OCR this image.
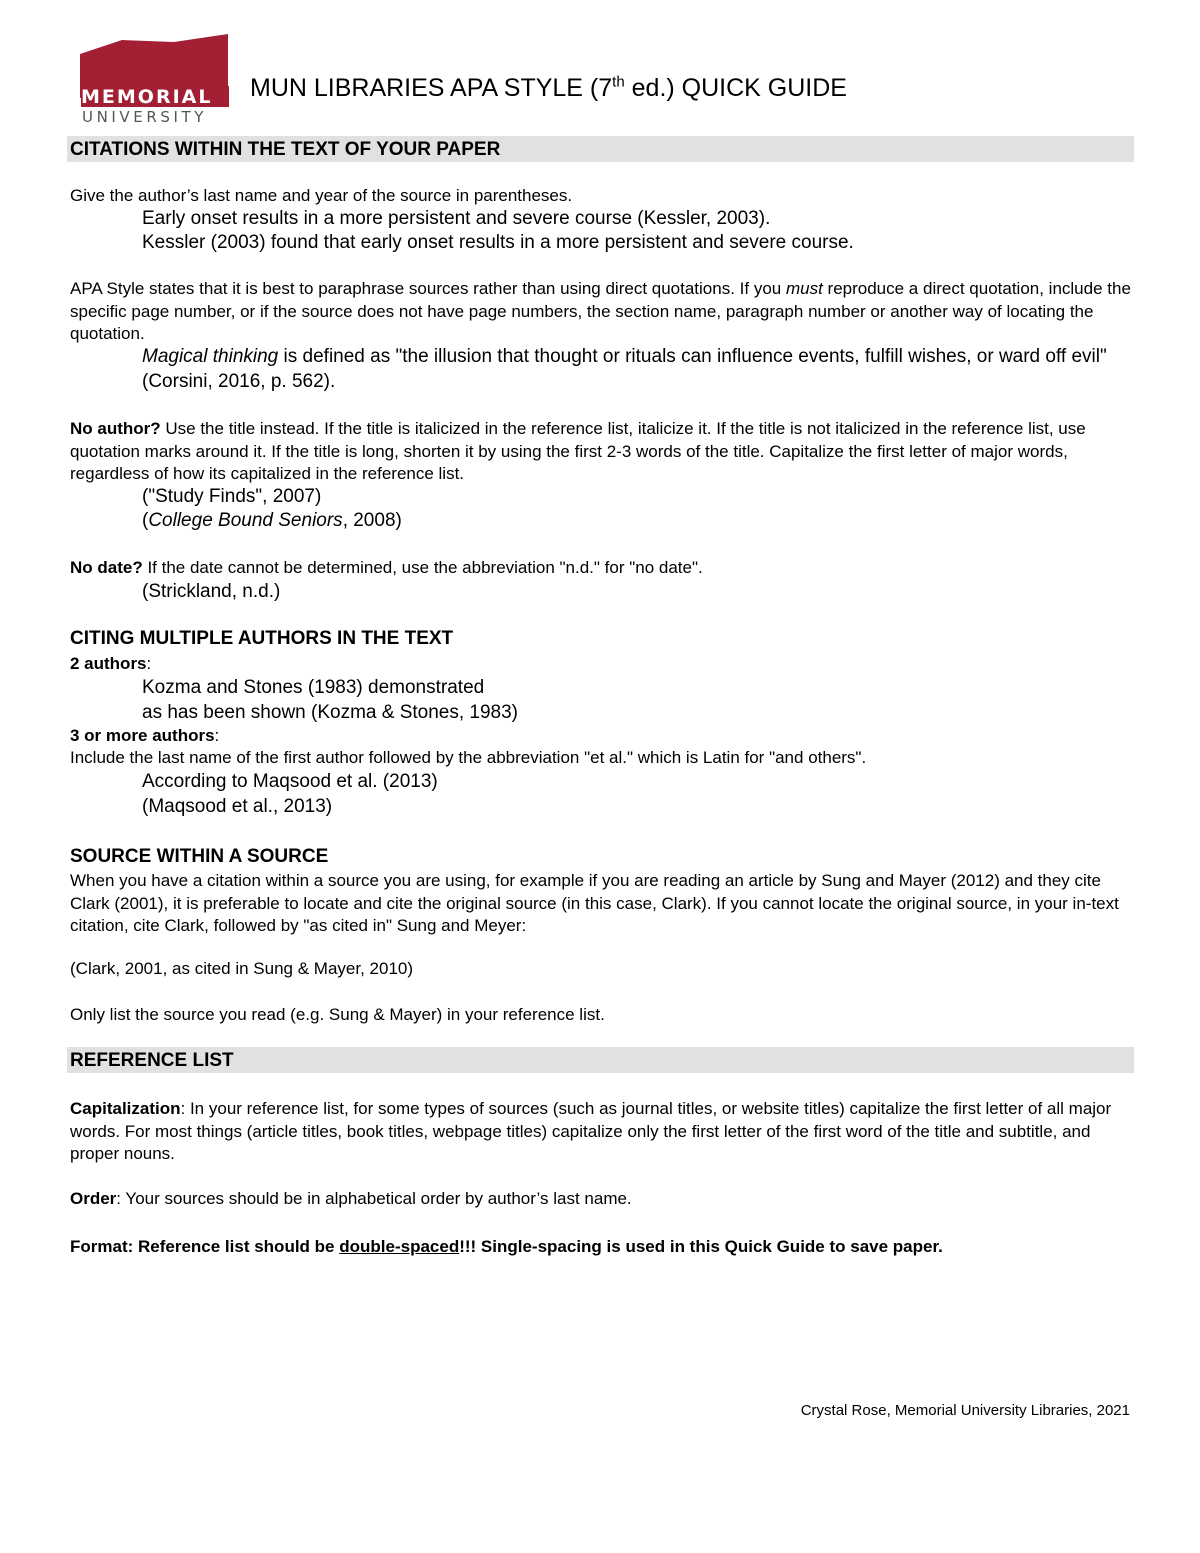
MEMORIAL
UNIVERSITY
MUN LIBRARIES APA STYLE (7th ed.) QUICK GUIDE
CITATIONS WITHIN THE TEXT OF YOUR PAPER
Give the author’s last name and year of the source in parentheses.
Early onset results in a more persistent and severe course (Kessler, 2003).
Kessler (2003) found that early onset results in a more persistent and severe course.
APA Style states that it is best to paraphrase sources rather than using direct quotations. If you must reproduce a direct quotation, include the specific page number, or if the source does not have page numbers, the section name, paragraph number or another way of locating the quotation.
Magical thinking is defined as "the illusion that thought or rituals can influence events, fulfill wishes, or ward off evil" (Corsini, 2016, p. 562).
No author? Use the title instead. If the title is italicized in the reference list, italicize it. If the title is not italicized in the reference list, use quotation marks around it. If the title is long, shorten it by using the first 2-3 words of the title. Capitalize the first letter of major words, regardless of how its capitalized in the reference list.
("Study Finds", 2007)
(College Bound Seniors, 2008)
No date? If the date cannot be determined, use the abbreviation "n.d." for "no date".
(Strickland, n.d.)
CITING MULTIPLE AUTHORS IN THE TEXT
2 authors:
Kozma and Stones (1983) demonstrated
as has been shown (Kozma & Stones, 1983)
3 or more authors:
Include the last name of the first author followed by the abbreviation "et al." which is Latin for "and others".
According to Maqsood et al. (2013)
(Maqsood et al., 2013)
SOURCE WITHIN A SOURCE
When you have a citation within a source you are using, for example if you are reading an article by Sung and Mayer (2012) and they cite Clark (2001), it is preferable to locate and cite the original source (in this case, Clark). If you cannot locate the original source, in your in-text citation, cite Clark, followed by "as cited in" Sung and Meyer:
(Clark, 2001, as cited in Sung & Mayer, 2010)
Only list the source you read (e.g. Sung & Mayer) in your reference list.
REFERENCE LIST
Capitalization: In your reference list, for some types of sources (such as journal titles, or website titles) capitalize the first letter of all major words. For most things (article titles, book titles, webpage titles) capitalize only the first letter of the first word of the title and subtitle, and proper nouns.
Order: Your sources should be in alphabetical order by author’s last name.
Format: Reference list should be double-spaced!!! Single-spacing is used in this Quick Guide to save paper.
Crystal Rose, Memorial University Libraries, 2021
